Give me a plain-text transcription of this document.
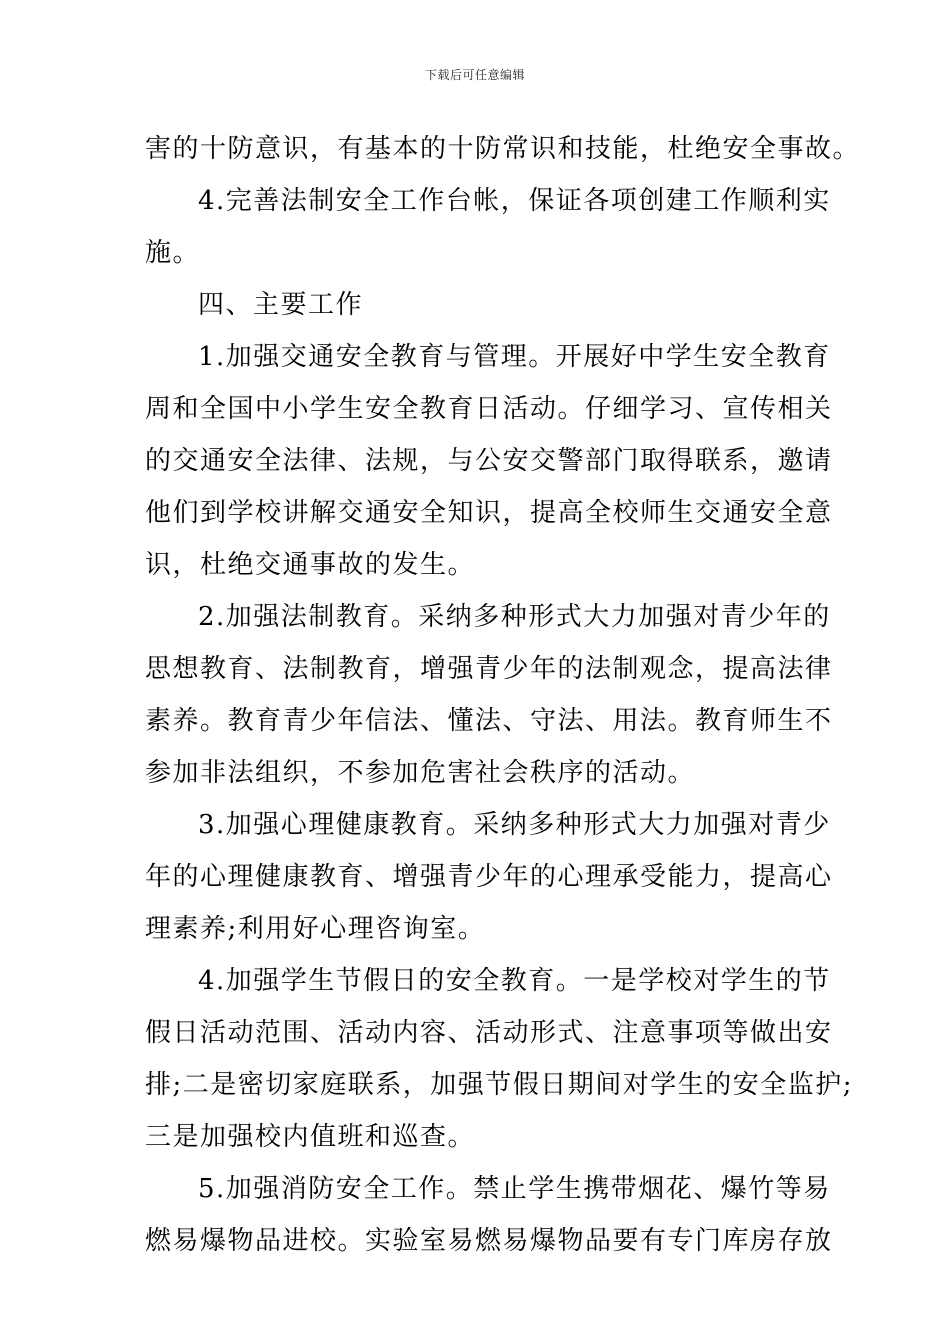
下载后可任意编辑
害的十防意识，有基本的十防常识和技能，杜绝安全事故。
4.完善法制安全工作台帐，保证各项创建工作顺利实
施。
四、主要工作
1.加强交通安全教育与管理。开展好中学生安全教育
周和全国中小学生安全教育日活动。仔细学习、宣传相关
的交通安全法律、法规，与公安交警部门取得联系，邀请
他们到学校讲解交通安全知识，提高全校师生交通安全意
识，杜绝交通事故的发生。
2.加强法制教育。采纳多种形式大力加强对青少年的
思想教育、法制教育，增强青少年的法制观念，提高法律
素养。教育青少年信法、懂法、守法、用法。教育师生不
参加非法组织，不参加危害社会秩序的活动。
3.加强心理健康教育。采纳多种形式大力加强对青少
年的心理健康教育、增强青少年的心理承受能力，提高心
理素养;利用好心理咨询室。
4.加强学生节假日的安全教育。一是学校对学生的节
假日活动范围、活动内容、活动形式、注意事项等做出安
排;二是密切家庭联系，加强节假日期间对学生的安全监护;
三是加强校内值班和巡查。
5.加强消防安全工作。禁止学生携带烟花、爆竹等易
燃易爆物品进校。实验室易燃易爆物品要有专门库房存放
